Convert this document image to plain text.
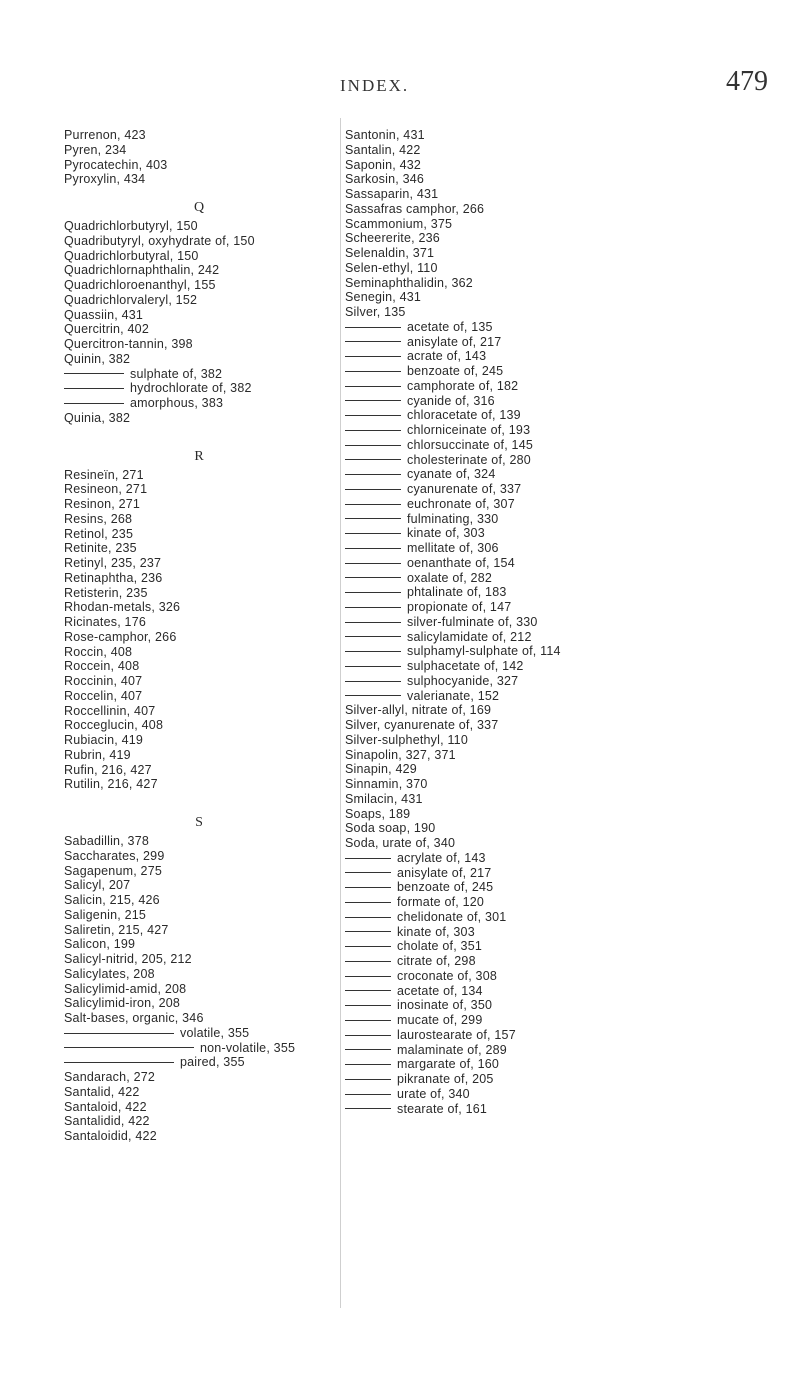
INDEX.	479
Purrenon, 423
Pyren, 234
Pyrocatechin, 403
Pyroxylin, 434
Q
Quadrichlorbutyryl, 150
Quadributyryl, oxyhydrate of, 150
Quadrichlorbutyral, 150
Quadrichlornaphthalin, 242
Quadrichloroenanthyl, 155
Quadrichlorvaleryl, 152
Quassiin, 431
Quercitrin, 402
Quercitron-tannin, 398
Quinin, 382
sulphate of, 382
hydrochlorate of, 382
amorphous, 383
Quinia, 382
R
Resineïn, 271
Resineon, 271
Resinon, 271
Resins, 268
Retinol, 235
Retinite, 235
Retinyl, 235, 237
Retinaphtha, 236
Retisterin, 235
Rhodan-metals, 326
Ricinates, 176
Rose-camphor, 266
Roccin, 408
Roccein, 408
Roccinin, 407
Roccelin, 407
Roccellinin, 407
Rocceglucin, 408
Rubiacin, 419
Rubrin, 419
Rufin, 216, 427
Rutilin, 216, 427
S
Sabadillin, 378
Saccharates, 299
Sagapenum, 275
Salicyl, 207
Salicin, 215, 426
Saligenin, 215
Saliretin, 215, 427
Salicon, 199
Salicyl-nitrid, 205, 212
Salicylates, 208
Salicylimid-amid, 208
Salicylimid-iron, 208
Salt-bases, organic, 346
volatile, 355
non-volatile, 355
paired, 355
Sandarach, 272
Santalid, 422
Santaloid, 422
Santalidid, 422
Santaloidid, 422
Santonin, 431
Santalin, 422
Saponin, 432
Sarkosin, 346
Sassaparin, 431
Sassafras camphor, 266
Scammonium, 375
Scheererite, 236
Selenaldin, 371
Selen-ethyl, 110
Seminaphthalidin, 362
Senegin, 431
Silver, 135
acetate of, 135
anisylate of, 217
acrate of, 143
benzoate of, 245
camphorate of, 182
cyanide of, 316
chloracetate of, 139
chlorniceinate of, 193
chlorsuccinate of, 145
cholesterinate of, 280
cyanate of, 324
cyanurenate of, 337
euchronate of, 307
fulminating, 330
kinate of, 303
mellitate of, 306
oenanthate of, 154
oxalate of, 282
phtalinate of, 183
propionate of, 147
silver-fulminate of, 330
salicylamidate of, 212
sulphamyl-sulphate of, 114
sulphacetate of, 142
sulphocyanide, 327
valerianate, 152
Silver-allyl, nitrate of, 169
Silver, cyanurenate of, 337
Silver-sulphethyl, 110
Sinapolin, 327, 371
Sinapin, 429
Sinnamin, 370
Smilacin, 431
Soaps, 189
Soda soap, 190
Soda, urate of, 340
acrylate of, 143
anisylate of, 217
benzoate of, 245
formate of, 120
chelidonate of, 301
kinate of, 303
cholate of, 351
citrate of, 298
croconate of, 308
acetate of, 134
inosinate of, 350
mucate of, 299
laurostearate of, 157
malaminate of, 289
margarate of, 160
pikranate of, 205
urate of, 340
stearate of, 161
